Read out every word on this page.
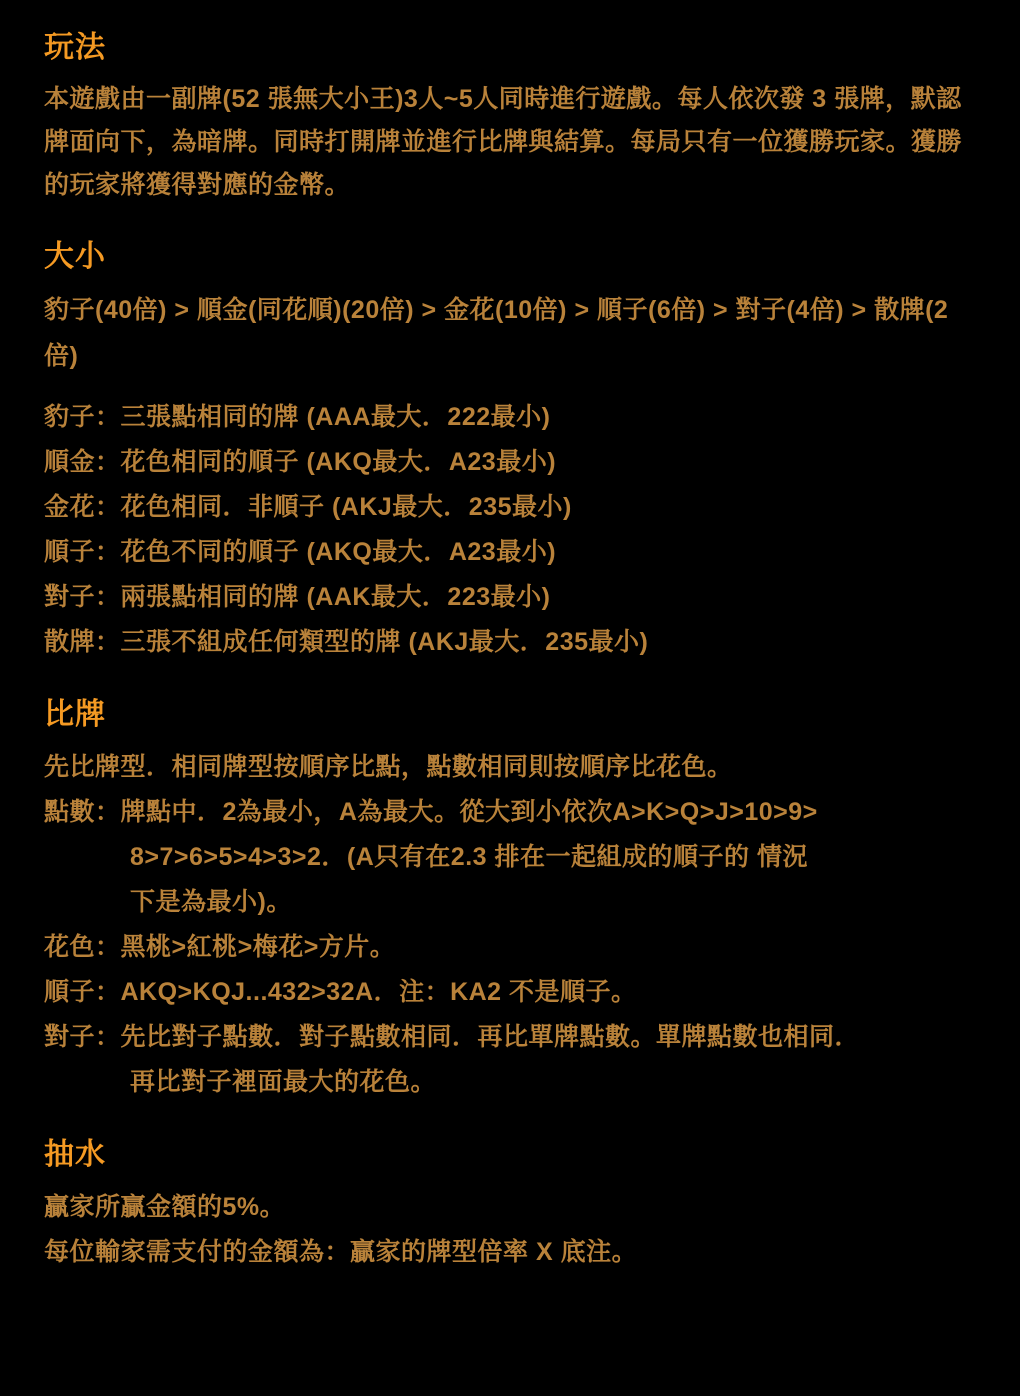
玩法

本遊戲由一副牌(52 張無大小王)3人~5人同時進行遊戲。每人依次發 3 張牌，默認牌面向下，為暗牌。同時打開牌並進行比牌與結算。每局只有一位獲勝玩家。獲勝的玩家將獲得對應的金幣。

大小

豹子(40倍) > 順金(同花順)(20倍) > 金花(10倍) > 順子(6倍) > 對子(4倍) > 散牌(2倍)

豹子：三張點相同的牌 (AAA最大．222最小)
順金：花色相同的順子 (AKQ最大．A23最小)
金花：花色相同．非順子 (AKJ最大．235最小)
順子：花色不同的順子 (AKQ最大．A23最小)
對子：兩張點相同的牌 (AAK最大．223最小)
散牌：三張不組成任何類型的牌 (AKJ最大．235最小)
比牌
先比牌型．相同牌型按順序比點，點數相同則按順序比花色。
點數：牌點中．2為最小，A為最大。從大到小依次A>K>Q>J>10>9>
8>7>6>5>4>3>2．(A只有在2.3 排在一起組成的順子的 情況
下是為最小)。
花色：黑桃>紅桃>梅花>方片。
順子：AKQ>KQJ...432>32A．注：KA2 不是順子。
對子：先比對子點數．對子點數相同．再比單牌點數。單牌點數也相同．
再比對子裡面最大的花色。
抽水
贏家所贏金額的5%。
每位輸家需支付的金額為：贏家的牌型倍率 X 底注。
